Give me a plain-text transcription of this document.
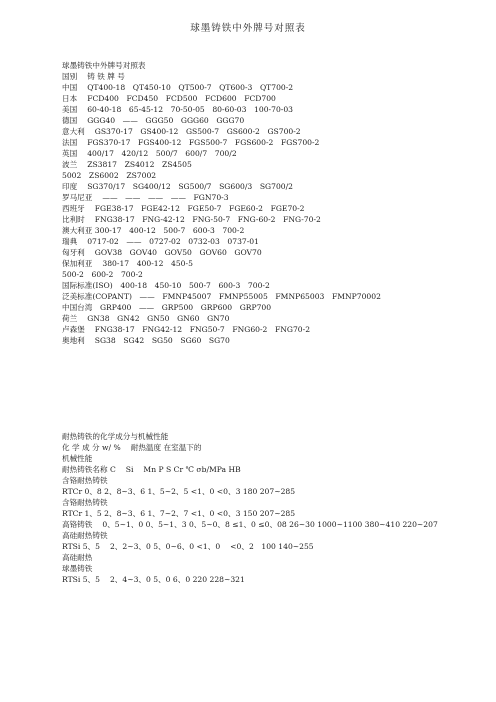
球墨铸铁中外牌号对照表
球墨铸铁中外牌号对照表
国别　 铸 铁 牌 号
中国　 QT400-18　QT450-10　QT500-7　QT600-3　QT700-2
日本　 FCD400　FCD450　FCD500　FCD600　FCD700
美国　 60-40-18　65-45-12　70-50-05　80-60-03　100-70-03
德国　 GGG40　——　GGG50　GGG60　GGG70
意大利　 GS370-17　GS400-12　GS500-7　GS600-2　GS700-2
法国　 FGS370-17　FGS400-12　FGS500-7　FGS600-2　FGS700-2
英国　 400/17　420/12　500/7　600/7　700/2
波兰　 ZS3817　ZS4012　ZS4505
5002　ZS6002　ZS7002
印度　 SG370/17　SG400/12　SG500/7　SG600/3　SG700/2
罗马尼亚　 ——　——　——　——　FGN70-3
西班牙　 FGE38-17　FGE42-12　FGE50-7　FGE60-2　FGE70-2
比利时　 FNG38-17　FNG-42-12　FNG-50-7　FNG-60-2　FNG-70-2
澳大利亚 300-17　400-12　500-7　600-3　700-2
瑞典　 0717-02　——　0727-02　0732-03　0737-01
匈牙利　 GOV38　GOV40　GOV50　GOV60　GOV70
保加利亚　 380-17　400-12　450-5
500-2　600-2　700-2
国际标准(ISO)　400-18　450-10　500-7　600-3　700-2
泛美标准(COPANT)　——　FMNP45007　FMNP55005　FMNP65003　FMNP70002
中国台湾　GRP400　——　GRP500　GRP600　GRP700
荷兰　 GN38　GN42　GN50　GN60　GN70
卢森堡　 FNG38-17　FNG42-12　FNG50-7　FNG60-2　FNG70-2
奥地利　 SG38　SG42　SG50　SG60　SG70
耐热铸铁的化学成分与机械性能
化 学 成 分 w/ %　 耐热温度 在室温下的
机械性能
耐热铸铁名称 C　 Si　 Mn P S Cr ℃ σb/MPa HB
含铬耐热铸铁
RTCr 0、8 2、8~3、6 1、5~2、5 <1、0 <0、3 180 207~285
含铬耐热铸铁
RTCr 1、5 2、8~3、6 1、7~2、7 <1、0 <0、3 150 207~285
高铬铸铁　 0、5~1、0 0、5~1、3 0、5~0、8 ≤1、0 ≤0、08 26~30 1000~1100 380~410 220~207
高硅耐热铸铁
RTSi 5、5　 2、2~3、0 5、0~6、0 <1、0　 <0、2　100 140~255
高硅耐热
球墨铸铁
RTSi 5、5　 2、4~3、0 5、0 6、0 220 228~321
